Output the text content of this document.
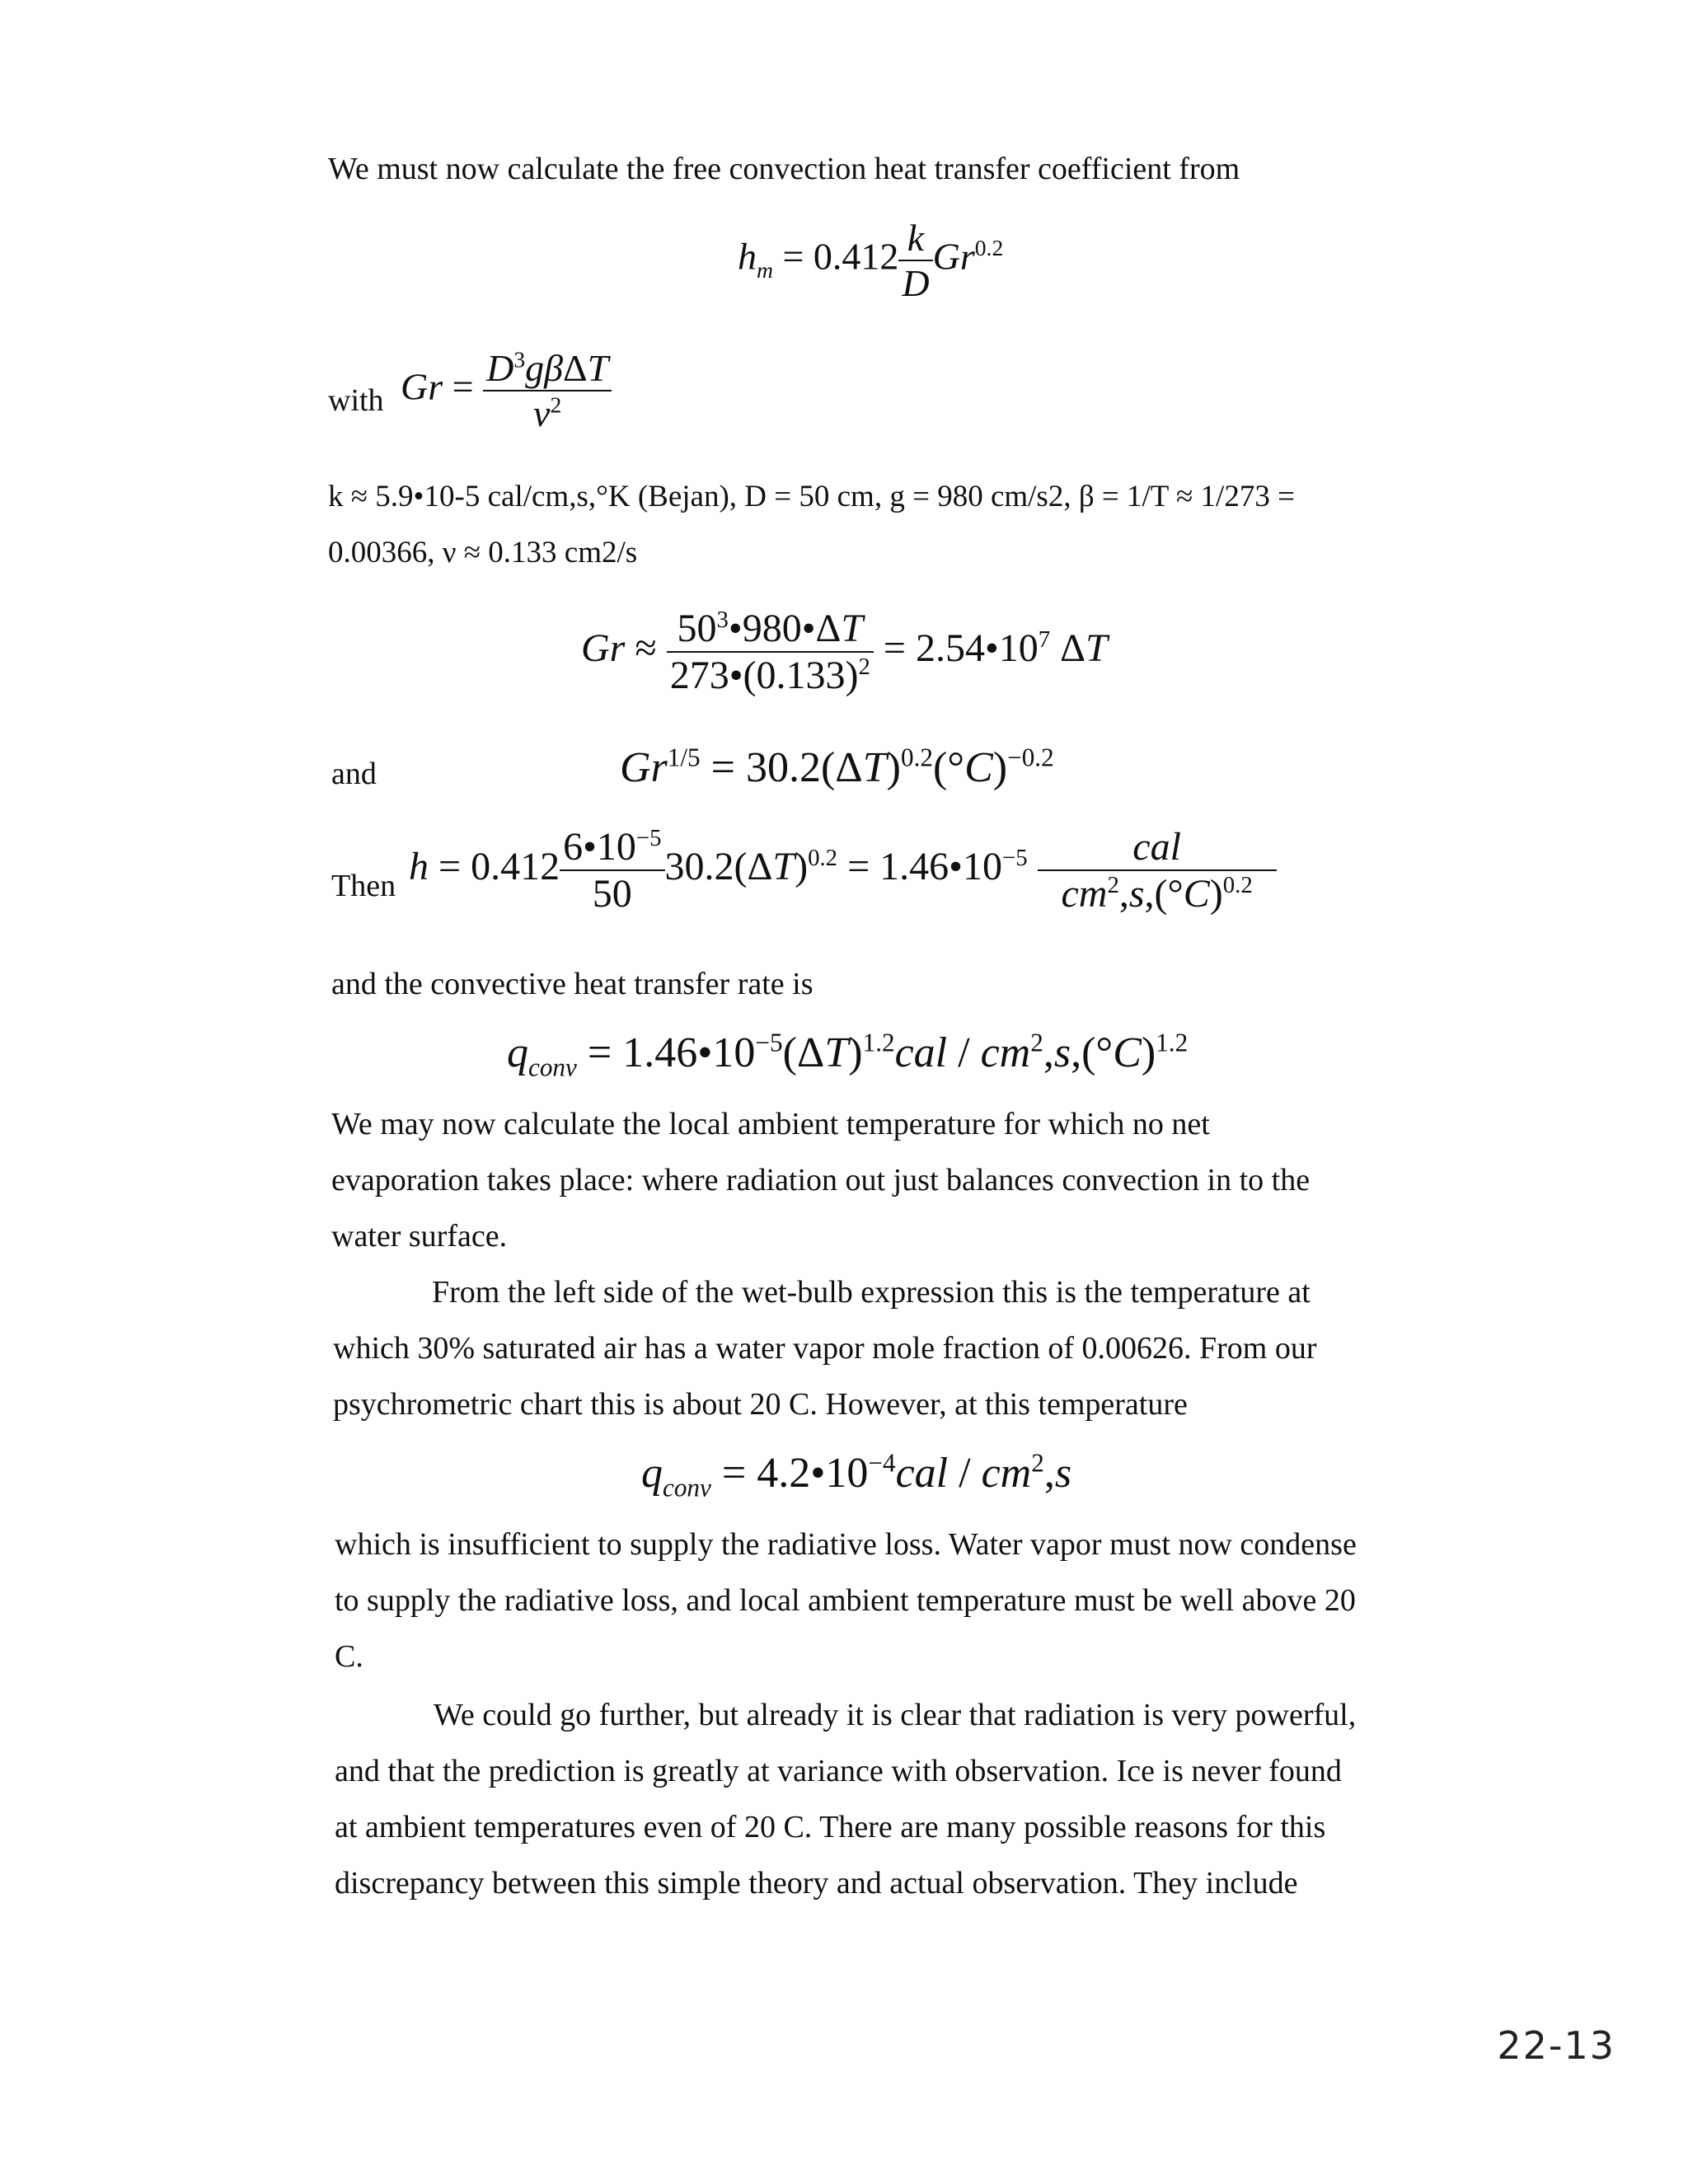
We must now calculate the free convection heat transfer coefficient from
$h_m = 0.412 \frac{k}{D} Gr^{0.2}$
with $Gr = \frac{D^3g\beta\Delta T}{\nu^2}$
k ≈ 5.9•10-5 cal/cm,s,°K (Bejan), D = 50 cm, g = 980 cm/s2, β = 1/T ≈ 1/273 =
0.00366, ν ≈ 0.133 cm2/s
$Gr \approx \frac{50^3•980•\Delta T}{273•(0.133)^2}$ = $2.54•10^7$ ΔT
and	$Gr^{1/5} = 30.2(\Delta T)^{0.2}(^\circ C)^{-0.2}$
Then $h = 0.412 \frac{6•10^{-5}}{50} 30.2(\Delta T)^{0.2}$ = $1.46•10^{-5} \frac{\text{cal}}{cm^2,s,(^\circ C)^{0.2}}$
and the convective heat transfer rate is
$q_{conv}$ = $1.46•10^{-5}(\Delta T)^{1.2}cal / cm^2,s,(^\circ C)^{1.2}$
We may now calculate the local ambient temperature for which no net
evaporation takes place: where radiation out just balances convection in to the
water surface.
From the left side of the wet-bulb expression this is the temperature at
which 30% saturated air has a water vapor mole fraction of 0.00626. From our
psychrometric chart this is about 20 C. However, at this temperature
$q_{conv}$ = $4.2•10^{-4}cal / cm^2,s$
which is insufficient to supply the radiative loss. Water vapor must now condense
to supply the radiative loss, and local ambient temperature must be well above 20
C.
We could go further, but already it is clear that radiation is very powerful,
and that the prediction is greatly at variance with observation. Ice is never found
at ambient temperatures even of 20 C. There are many possible reasons for this
discrepancy between this simple theory and actual observation. They include
22-13
